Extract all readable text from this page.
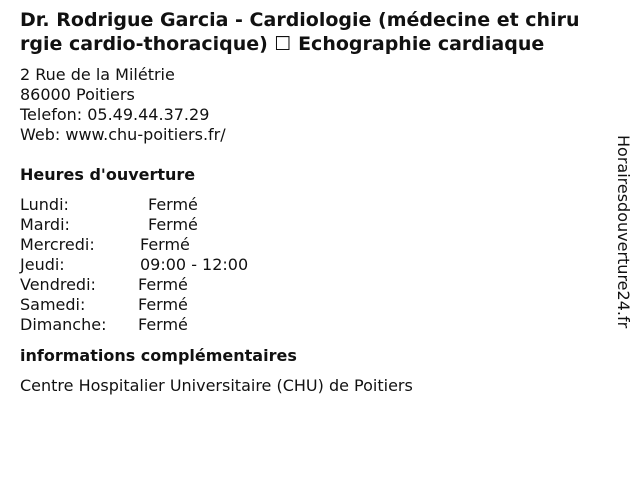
Dr. Rodrigue Garcia - Cardiologie (médecine et chirurgie cardio-thoracique) ☐ Echographie cardiaque
2 Rue de la Milétrie
86000 Poitiers
Telefon: 05.49.44.37.29
Web: www.chu-poitiers.fr/
Heures d'ouverture
Lundi:	Fermé
Mardi:	Fermé
Mercredi:	Fermé
Jeudi:	09:00 - 12:00
Vendredi:	Fermé
Samedi:	Fermé
Dimanche: Fermé
informations complémentaires
Centre Hospitalier Universitaire (CHU) de Poitiers
Horairesdouverture24.fr
